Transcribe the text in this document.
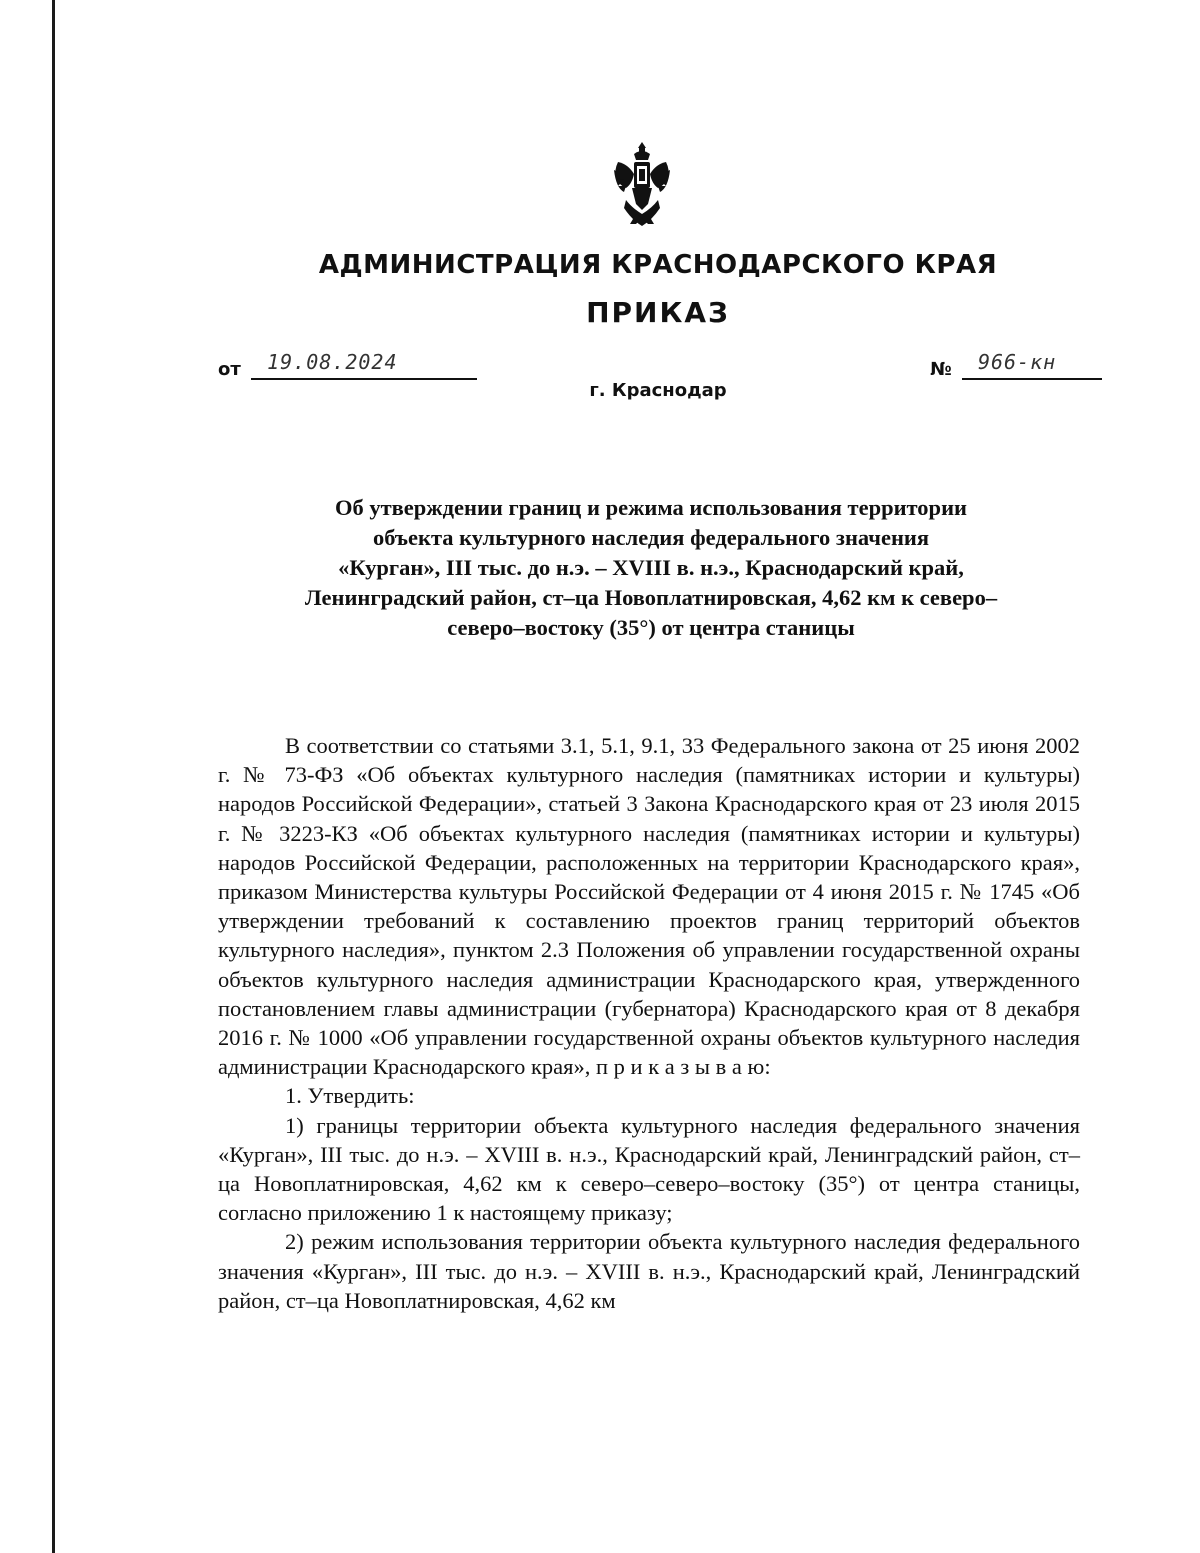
АДМИНИСТРАЦИЯ КРАСНОДАРСКОГО КРАЯ
ПРИКАЗ
от 19.08.2024	№ 966-кн
г. Краснодар
Об утверждении границ и режима использования территории
объекта культурного наследия федерального значения
«Курган», III тыс. до н.э. – XVIII в. н.э., Краснодарский край,
Ленинградский район, ст–ца Новоплатнировская, 4,62 км к северо–
северо–востоку (35°) от центра станицы

В соответствии со статьями 3.1, 5.1, 9.1, 33 Федерального закона от 25 июня 2002 г. № 73-ФЗ «Об объектах культурного наследия (памятниках истории и культуры) народов Российской Федерации», статьей 3 Закона Краснодарского края от 23 июля 2015 г. № 3223-КЗ «Об объектах культурного наследия (памятниках истории и культуры) народов Российской Федерации, расположенных на территории Краснодарского края», приказом Министерства культуры Российской Федерации от 4 июня 2015 г. № 1745 «Об утверждении требований к составлению проектов границ территорий объектов культурного наследия», пунктом 2.3 Положения об управлении государственной охраны объектов культурного наследия администрации Краснодарского края, утвержденного постановлением главы администрации (губернатора) Краснодарского края от 8 декабря 2016 г. № 1000 «Об управлении государственной охраны объектов культурного наследия администрации Краснодарского края», п р и к а з ы в а ю:

1. Утвердить:

1) границы территории объекта культурного наследия федерального значения «Курган», III тыс. до н.э. – XVIII в. н.э., Краснодарский край, Ленинградский район, ст–ца Новоплатнировская, 4,62 км к северо–северо–востоку (35°) от центра станицы, согласно приложению 1 к настоящему приказу;

2) режим использования территории объекта культурного наследия федерального значения «Курган», III тыс. до н.э. – XVIII в. н.э., Краснодарский край, Ленинградский район, ст–ца Новоплатнировская, 4,62 км
